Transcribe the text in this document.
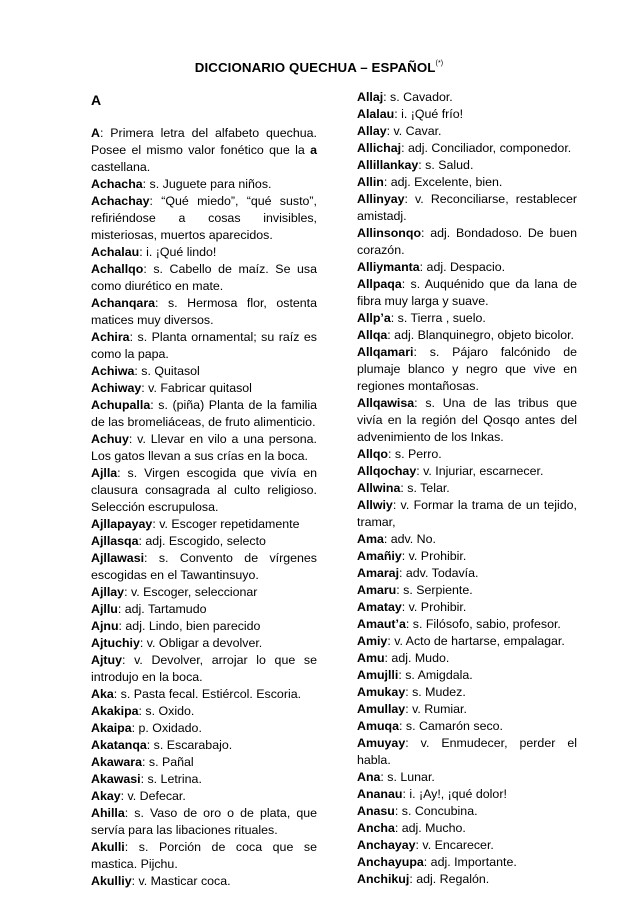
DICCIONARIO QUECHUA – ESPAÑOL(*)
A

A: Primera letra del alfabeto quechua. Posee el mismo valor fonético que la a castellana.

Achacha: s. Juguete para niños.

Achachay: “Qué miedo”, “qué susto”, refiriéndose a cosas invisibles, misteriosas, muertos aparecidos.

Achalau: i. ¡Qué lindo!

Achallqo: s. Cabello de maíz. Se usa como diurético en mate.

Achanqara: s. Hermosa flor, ostenta matices muy diversos.

Achira: s. Planta ornamental; su raíz es como la papa.

Achiwa: s. Quitasol

Achiway: v. Fabricar quitasol

Achupalla: s. (piña) Planta de la familia de las bromeliáceas, de fruto alimenticio.

Achuy: v. Llevar en vilo a una persona. Los gatos llevan a sus crías en la boca.

Ajlla: s. Virgen escogida que vivía en clausura consagrada al culto religioso. Selección escrupulosa.

Ajllapayay: v. Escoger repetidamente

Ajllasqa: adj. Escogido, selecto

Ajllawasi: s. Convento de vírgenes escogidas en el Tawantinsuyo.

Ajllay: v. Escoger, seleccionar

Ajllu: adj. Tartamudo

Ajnu: adj. Lindo, bien parecido

Ajtuchiy: v. Obligar a devolver.

Ajtuy: v. Devolver, arrojar lo que se introdujo en la boca.

Aka: s. Pasta fecal. Estiércol. Escoria.

Akakipa: s. Oxido.

Akaipa: p. Oxidado.

Akatanqa: s. Escarabajo.

Akawara: s. Pañal

Akawasi: s. Letrina.

Akay: v. Defecar.

Ahilla: s. Vaso de oro o de plata, que servía para las libaciones rituales.

Akulli: s. Porción de coca que se mastica. Pijchu.

Akulliy: v. Masticar coca.

Allaj: s. Cavador.

Alalau: i. ¡Qué frío!

Allay: v. Cavar.

Allichaj: adj. Conciliador, componedor.

Allillankay: s. Salud.

Allin: adj. Excelente, bien.

Allinyay: v. Reconciliarse, restablecer amistadj.

Allinsonqo: adj. Bondadoso. De buen corazón.

Alliymanta: adj. Despacio.

Allpaqa: s. Auquénido que da lana de fibra muy larga y suave.

Allp’a: s. Tierra , suelo.

Allqa: adj. Blanquinegro, objeto bicolor.

Allqamari: s. Pájaro falcónido de plumaje blanco y negro que vive en regiones montañosas.

Allqawisa: s. Una de las tribus que vivía en la región del Qosqo antes del advenimiento de los Inkas.

Allqo: s. Perro.

Allqochay: v. Injuriar, escarnecer.

Allwina: s. Telar.

Allwiy: v. Formar la trama de un tejido, tramar,

Ama: adv. No.

Amañiy: v. Prohibir.

Amaraj: adv. Todavía.

Amaru: s. Serpiente.

Amatay: v. Prohibir.

Amaut’a: s. Filósofo, sabio, profesor.

Amiy: v. Acto de hartarse, empalagar.

Amu: adj. Mudo.

Amujlli: s. Amigdala.

Amukay: s. Mudez.

Amullay: v. Rumiar.

Amuqa: s. Camarón seco.

Amuyay: v. Enmudecer, perder el habla.

Ana: s. Lunar.

Ananau: i. ¡Ay!, ¡qué dolor!

Anasu: s. Concubina.

Ancha: adj. Mucho.

Anchayay: v. Encarecer.

Anchayupa: adj. Importante.

Anchikuj: adj. Regalón.
